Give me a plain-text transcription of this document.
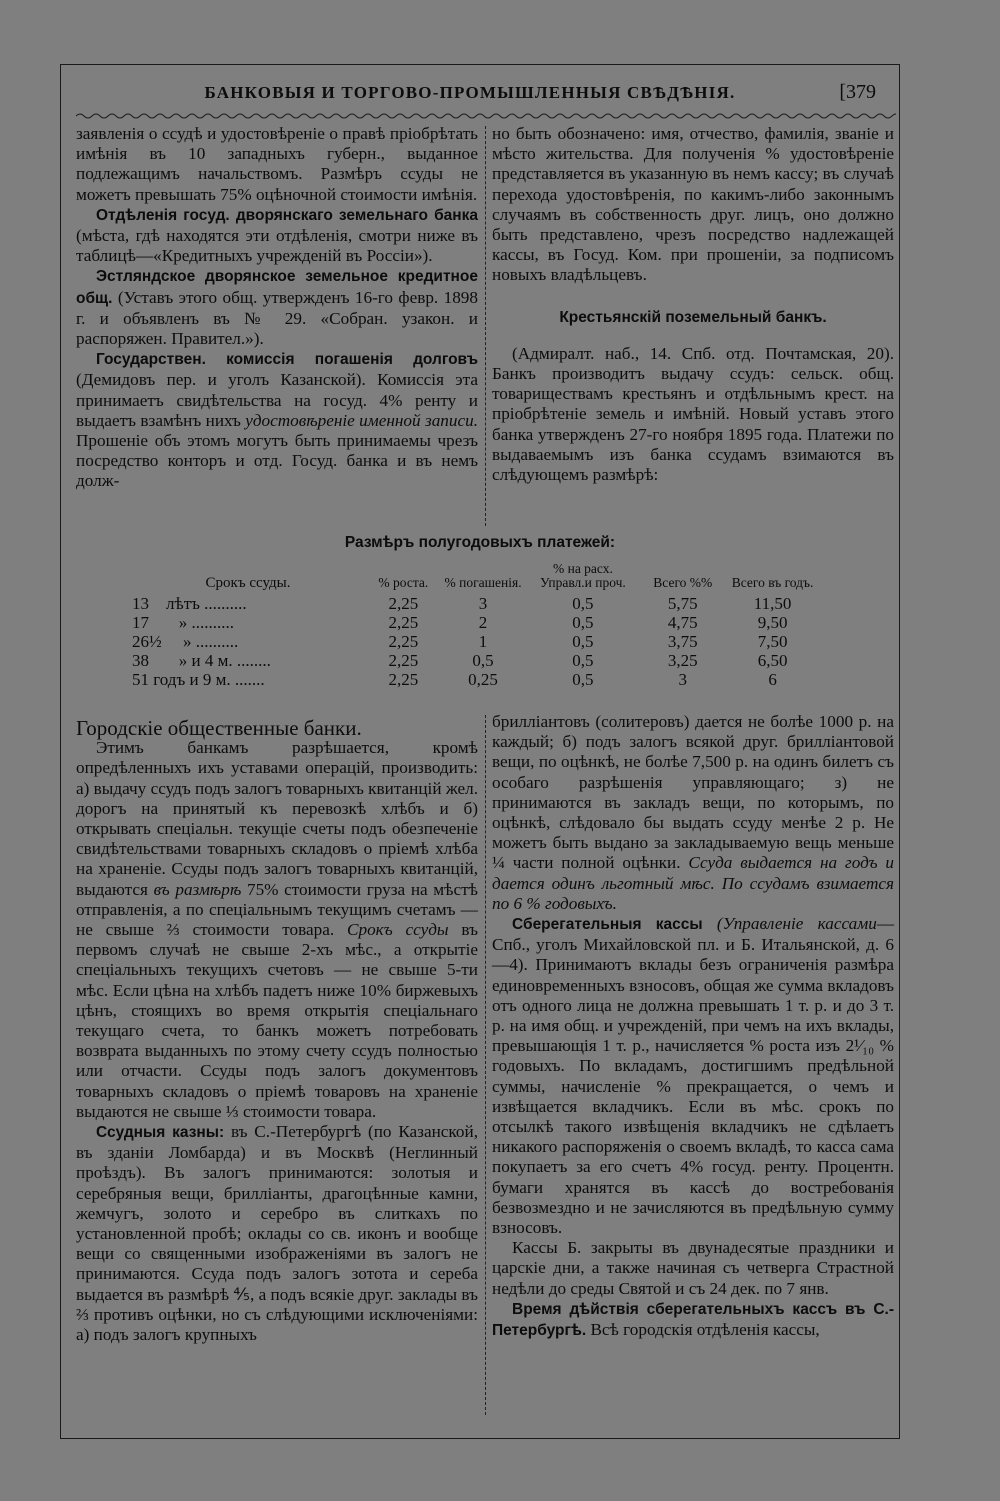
БАНКОВЫЯ И ТОРГОВО-ПРОМЫШЛЕННЫЯ СВѢДѢНІЯ.	[379

заявленія о ссудѣ и удостовѣреніе о правѣ пріобрѣтать имѣнія въ 10 западныхъ губерн., выданное подлежащимъ начальствомъ. Размѣръ ссуды не можетъ превышать 75% оцѣночной стоимости имѣнія.

Отдѣленія госуд. дворянскаго земельнаго банка (мѣста, гдѣ находятся эти отдѣленія, смотри ниже въ таблицѣ—«Кредитныхъ учрежденій въ Россіи»).

Эстляндское дворянское земельное кредитное общ. (Уставъ этого общ. утвержденъ 16-го февр. 1898 г. и объявленъ въ № 29. «Собран. узакон. и распоряжен. Правител.»).

Государствен. комиссія погашенія долговъ (Демидовъ пер. и уголъ Казанской). Комиссія эта принимаетъ свидѣтельства на госуд. 4% ренту и выдаетъ взамѣнъ нихъ удостовѣреніе именной записи. Прошеніе объ этомъ могутъ быть принимаемы чрезъ посредство конторъ и отд. Госуд. банка и въ немъ долж-

но быть обозначено: имя, отчество, фамилія, званіе и мѣсто жительства. Для полученія % удостовѣреніе представляется въ указанную въ немъ кассу; въ случаѣ перехода удостовѣренія, по какимъ-либо законнымъ случаямъ въ собственность друг. лицъ, оно должно быть представлено, чрезъ посредство надлежащей кассы, въ Госуд. Ком. при прошеніи, за подписомъ новыхъ владѣльцевъ.

Крестьянскій поземельный банкъ.

(Адмиралт. наб., 14. Спб. отд. Почтамская, 20). Банкъ производитъ выдачу ссудъ: сельск. общ. товариществамъ крестьянъ и отдѣльнымъ крест. на пріобрѣтеніе земель и имѣній. Новый уставъ этого банка утвержденъ 27-го ноября 1895 года. Платежи по выдаваемымъ изъ банка ссудамъ взимаются въ слѣдующемъ размѣрѣ:

Размѣръ полугодовыхъ платежей:
Срокъ ссуды.	% роста.	% погашенія.	% на расх. Управл.и проч.	Всего %%	Всего въ годъ.
13    лѣтъ ..........	2,25	3	0,5	5,75	11,50
17       » ..........	2,25	2	0,5	4,75	9,50
26½     » ..........	2,25	1	0,5	3,75	7,50
38       » и 4 м. ........	2,25	0,5	0,5	3,25	6,50
51 годъ и 9 м. .......	2,25	0,25	0,5	3	6

Городскіе общественные банки.

Этимъ банкамъ разрѣшается, кромѣ опредѣленныхъ ихъ уставами операцій, производить: а) выдачу ссудъ подъ залогъ товарныхъ квитанцій жел. дорогъ на принятый къ перевозкѣ хлѣбъ и б) открывать спеціальн. текущіе счеты подъ обезпеченіе свидѣтельствами товарныхъ складовъ о пріемѣ хлѣба на храненіе. Ссуды подъ залогъ товарныхъ квитанцій, выдаются въ размѣрѣ 75% стоимости груза на мѣстѣ отправленія, а по спеціальнымъ текущимъ счетамъ — не свыше ⅔ стоимости товара. Срокъ ссуды въ первомъ случаѣ не свыше 2-хъ мѣс., а открытіе спеціальныхъ текущихъ счетовъ — не свыше 5-ти мѣс. Если цѣна на хлѣбъ падетъ ниже 10% биржевыхъ цѣнъ, стоящихъ во время открытія спеціальнаго текущаго счета, то банкъ можетъ потребовать возврата выданныхъ по этому счету ссудъ полностью или отчасти. Ссуды подъ залогъ документовъ товарныхъ складовъ о пріемѣ товаровъ на храненіе выдаются не свыше ⅓ стоимости товара.

Ссудныя казны: въ С.-Петербургѣ (по Казанской, въ зданіи Ломбарда) и въ Москвѣ (Неглинный проѣздъ). Въ залогъ принимаются: золотыя и серебряныя вещи, брилліанты, драгоцѣнные камни, жемчугъ, золото и серебро въ слиткахъ по установленной пробѣ; оклады со св. иконъ и вообще вещи со священными изображеніями въ залогъ не принимаются. Ссуда подъ залогъ зотота и сереба выдается въ размѣрѣ ⅘, а подъ всякіе друг. заклады въ ⅔ противъ оцѣнки, но съ слѣдующими исключеніями: а) подъ залогъ крупныхъ

брилліантовъ (солитеровъ) дается не болѣе 1000 р. на каждый; б) подъ залогъ всякой друг. брилліантовой вещи, по оцѣнкѣ, не болѣе 7,500 р. на одинъ билетъ съ особаго разрѣшенія управляющаго; з) не принимаются въ закладъ вещи, по которымъ, по оцѣнкѣ, слѣдовало бы выдать ссуду менѣе 2 р. Не можетъ быть выдано за закладываемую вещь меньше ¼ части полной оцѣнки. Ссуда выдается на годъ и дается одинъ льготный мѣс. По ссудамъ взимается по 6 % годовыхъ.

Сберегательныя кассы (Управленіе кассами—Спб., уголъ Михайловской пл. и Б. Итальянской, д. 6—4). Принимаютъ вклады безъ ограниченія размѣра единовременныхъ взносовъ, общая же сумма вкладовъ отъ одного лица не должна превышать 1 т. р. и до 3 т. р. на имя общ. и учрежденій, при чемъ на ихъ вклады, превышающія 1 т. р., начисляется % роста изъ 2¹⁄₁₀ % годовыхъ. По вкладамъ, достигшимъ предѣльной суммы, начисленіе % прекращается, о чемъ и извѣщается вкладчикъ. Если въ мѣс. срокъ по отсылкѣ такого извѣщенія вкладчикъ не сдѣлаетъ никакого распоряженія о своемъ вкладѣ, то касса сама покупаетъ за его счетъ 4% госуд. ренту. Процентн. бумаги хранятся въ кассѣ до востребованія безвозмездно и не зачисляются въ предѣльную сумму взносовъ.

Кассы Б. закрыты въ двунадесятые праздники и царскіе дни, а также начиная съ четверга Страстной недѣли до среды Святой и съ 24 дек. по 7 янв.

Время дѣйствія сберегательныхъ кассъ въ С.-Петербургѣ. Всѣ городскія отдѣленія кассы,
